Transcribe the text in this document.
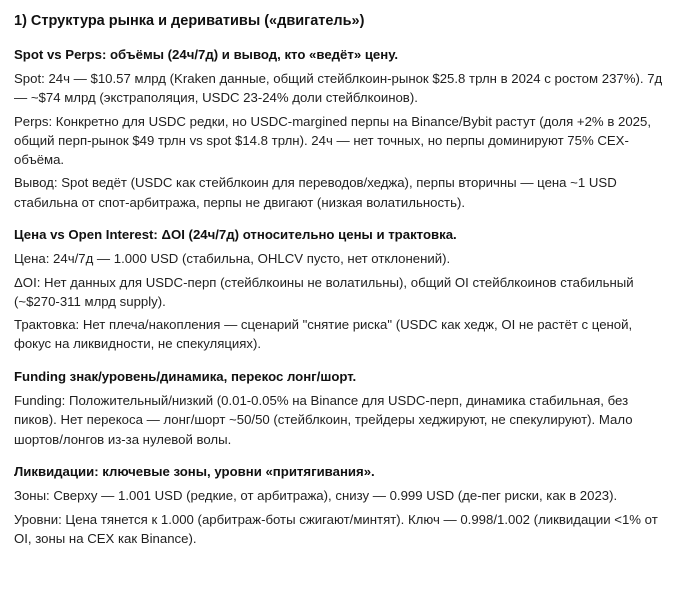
1) Структура рынка и деривативы («двигатель»)
Spot vs Perps: объёмы (24ч/7д) и вывод, кто «ведёт» цену.

Spot: 24ч — $10.57 млрд (Kraken данные, общий стейблкоин-рынок $25.8 трлн в 2024 с ростом 237%). 7д — ~$74 млрд (экстраполяция, USDC 23-24% доли стейблкоинов).

Perps: Конкретно для USDC редки, но USDC-margined перпы на Binance/Bybit растут (доля +2% в 2025, общий перп-рынок $49 трлн vs spot $14.8 трлн). 24ч — нет точных, но перпы доминируют 75% CEX-объёма.

Вывод: Spot ведёт (USDC как стейблкоин для переводов/хеджа), перпы вторичны — цена ~1 USD стабильна от спот-арбитража, перпы не двигают (низкая волатильность).

Цена vs Open Interest: ΔOI (24ч/7д) относительно цены и трактовка.

Цена: 24ч/7д — 1.000 USD (стабильна, OHLCV пусто, нет отклонений).

ΔOI: Нет данных для USDC-перп (стейблкоины не волатильны), общий OI стейблкоинов стабильный (~$270-311 млрд supply).

Трактовка: Нет плеча/накопления — сценарий "снятие риска" (USDC как хедж, OI не растёт с ценой, фокус на ликвидности, не спекуляциях).

Funding знак/уровень/динамика, перекос лонг/шорт.

Funding: Положительный/низкий (0.01-0.05% на Binance для USDC-перп, динамика стабильная, без пиков). Нет перекоса — лонг/шорт ~50/50 (стейблкоин, трейдеры хеджируют, не спекулируют). Мало шортов/лонгов из-за нулевой волы.

Ликвидации: ключевые зоны, уровни «притягивания».

Зоны: Сверху — 1.001 USD (редкие, от арбитража), снизу — 0.999 USD (де-пег риски, как в 2023).

Уровни: Цена тянется к 1.000 (арбитраж-боты сжигают/минтят). Ключ — 0.998/1.002 (ликвидации <1% от OI, зоны на CEX как Binance).
